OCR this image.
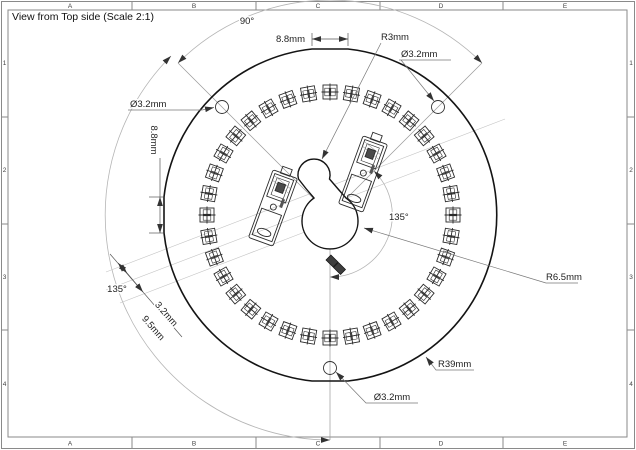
A
A
B
B
C
C
D
D
E
E
1	1
2	2
3	3
4	4
View from Top side (Scale 2:1)	90°
8.8mm	R3mm
Ø3.2mm
Ø3.2mm
8.8mm
135°
3.2mm
9.5mm
135°
R6.5mm
R39mm
Ø3.2mm
